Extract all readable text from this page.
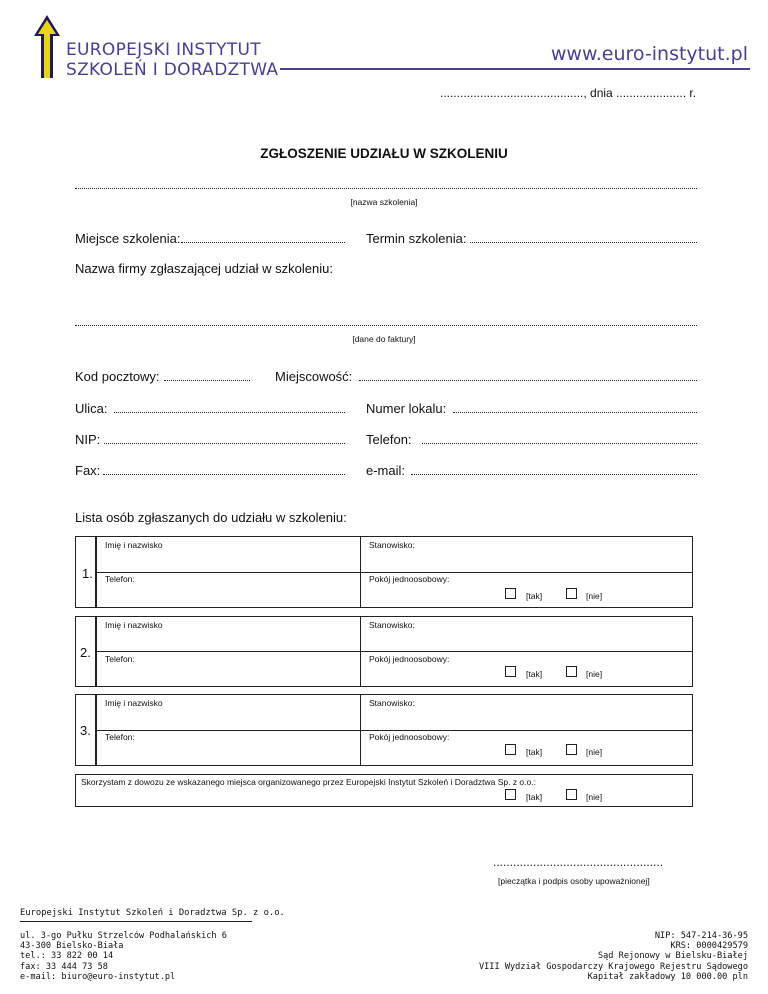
EUROPEJSKI INSTYTUT
SZKOLEŃ I DORADZTWA
www.euro-instytut.pl
..........................................., dnia ..................... r.
ZGŁOSZENIE UDZIAŁU W SZKOLENIU
[nazwa szkolenia]
Miejsce szkolenia:	Termin szkolenia:
Nazwa firmy zgłaszającej udział w szkoleniu:
[dane do faktury]
Kod pocztowy:	Miejscowość:
Ulica:	Numer lokalu:
NIP:	Telefon:
Fax:	e-mail:
Lista osób zgłaszanych do udziału w szkoleniu:
1.
Imię i nazwisko	Stanowisko:
Telefon:	Pokój jednoosobowy:
[tak]	[nie]
2.
Imię i nazwisko	Stanowisko:
Telefon:	Pokój jednoosobowy:
[tak]	[nie]
3.
Imię i nazwisko	Stanowisko:
Telefon:	Pokój jednoosobowy:
[tak]	[nie]
Skorzystam z dowozu ze wskazanego miejsca organizowanego przez Europejski Instytut Szkoleń i Doradztwa Sp. z o.o.:
[tak]	[nie]
...................................................
[pieczątka i podpis osoby upoważnionej]
Europejski Instytut Szkoleń i Doradztwa Sp. z o.o.
ul. 3-go Pułku Strzelców Podhalańskich 6
43-300 Bielsko-Biała
tel.: 33 822 00 14
fax: 33 444 73 58
e-mail: biuro@euro-instytut.pl
NIP: 547-214-36-95
KRS: 0000429579
Sąd Rejonowy w Bielsku-Białej
VIII Wydział Gospodarczy Krajowego Rejestru Sądowego
Kapitał zakładowy 10 000.00 pln
